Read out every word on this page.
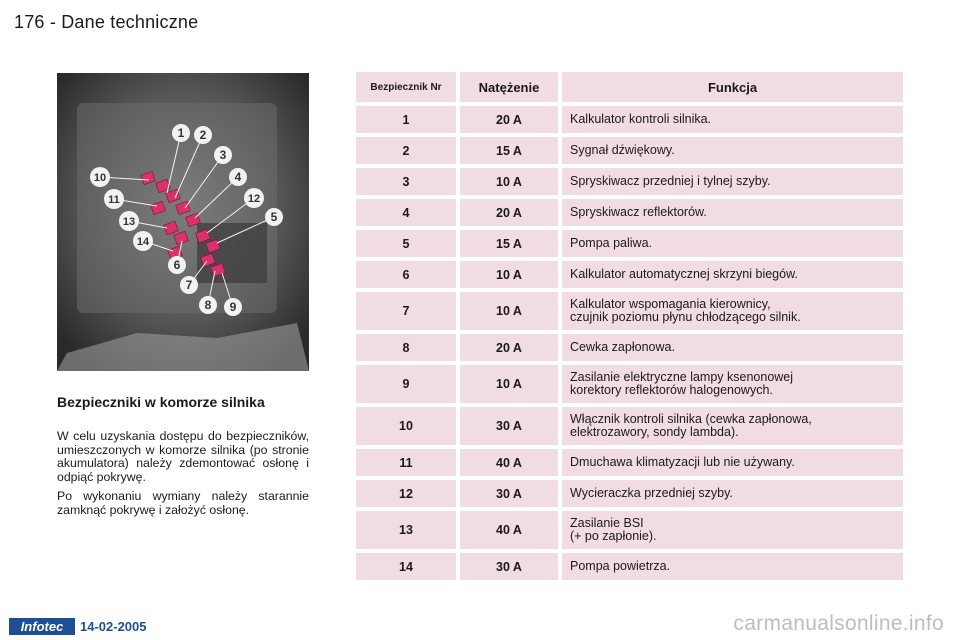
176 - Dane techniczne
1 2
3
4
5
6
7
8 9
10
11	12
13
14
Bezpieczniki w komorze silnika

W celu uzyskania dostępu do bezpieczników, umieszczonych w komorze silnika (po stronie akumulatora) należy zdemontować osłonę i odpiąć pokrywę.

Po wykonaniu wymiany należy starannie zamknąć pokrywę i założyć osłonę.

Bezpiecznik Nr	Natężenie	Funkcja
1	20 A	Kalkulator kontroli silnika.

2	15 A	Sygnał dźwiękowy.

3	10 A	Spryskiwacz przedniej i tylnej szyby.

4	20 A	Spryskiwacz reflektorów.

5	15 A	Pompa paliwa.

6	10 A	Kalkulator automatycznej skrzyni biegów.

7	10 A	Kalkulator wspomagania kierownicy,
czujnik poziomu płynu chłodzącego silnik.

8	20 A	Cewka zapłonowa.

9	10 A	Zasilanie elektryczne lampy ksenonowej
korektory reflektorów halogenowych.

10	30 A	Włącznik kontroli silnika (cewka zapłonowa,
elektrozawory, sondy lambda).

11	40 A	Dmuchawa klimatyzacji lub nie używany.

12	30 A	Wycieraczka przedniej szyby.

13	40 A	Zasilanie BSI
(+ po zapłonie).

14	30 A	Pompa powietrza.
Infotec	14-02-2005	carmanualsonline.info
